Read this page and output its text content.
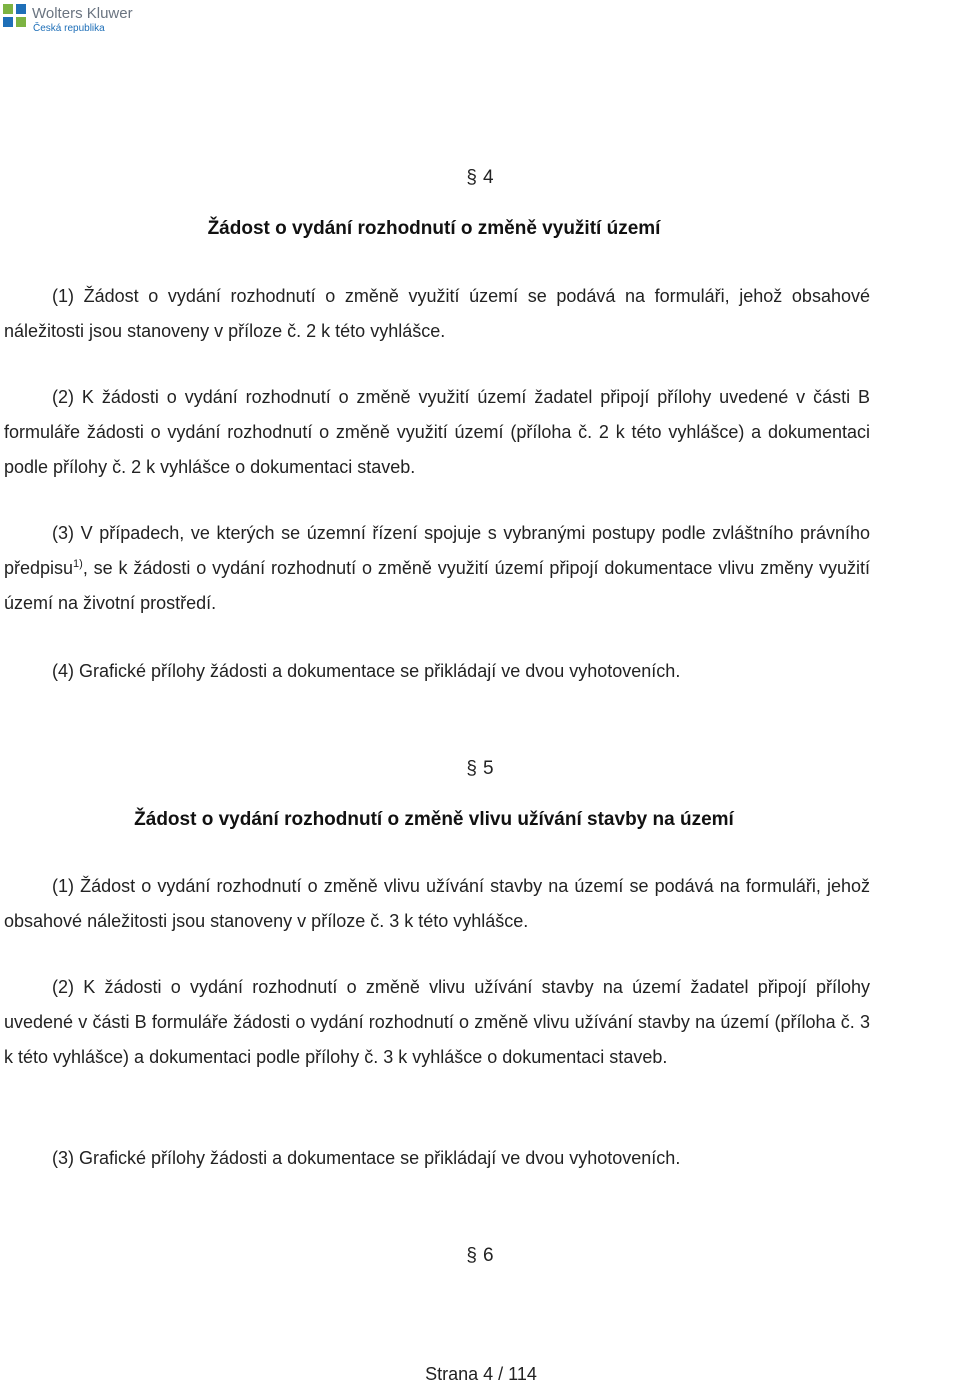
Wolters Kluwer
Česká republika
§ 4
Žádost o vydání rozhodnutí o změně využití území

(1) Žádost o vydání rozhodnutí o změně využití území se podává na formuláři, jehož obsahové náležitosti jsou stanoveny v příloze č. 2 k této vyhlášce.

(2) K žádosti o vydání rozhodnutí o změně využití území žadatel připojí přílohy uvedené v části B formuláře žádosti o vydání rozhodnutí o změně využití území (příloha č. 2 k této vyhlášce) a dokumentaci podle přílohy č. 2 k vyhlášce o dokumentaci staveb.

(3) V případech, ve kterých se územní řízení spojuje s vybranými postupy podle zvláštního právního předpisu$^{1)}$, se k žádosti o vydání rozhodnutí o změně využití území připojí dokumentace vlivu změny využití území na životní prostředí.

(4) Grafické přílohy žádosti a dokumentace se přikládají ve dvou vyhotoveních.

§ 5
Žádost o vydání rozhodnutí o změně vlivu užívání stavby na území

(1) Žádost o vydání rozhodnutí o změně vlivu užívání stavby na území se podává na formuláři, jehož obsahové náležitosti jsou stanoveny v příloze č. 3 k této vyhlášce.

(2) K žádosti o vydání rozhodnutí o změně vlivu užívání stavby na území žadatel připojí přílohy uvedené v části B formuláře žádosti o vydání rozhodnutí o změně vlivu užívání stavby na území (příloha č. 3 k této vyhlášce) a dokumentaci podle přílohy č. 3 k vyhlášce o dokumentaci staveb.

(3) Grafické přílohy žádosti a dokumentace se přikládají ve dvou vyhotoveních.

§ 6
Strana 4 / 114
